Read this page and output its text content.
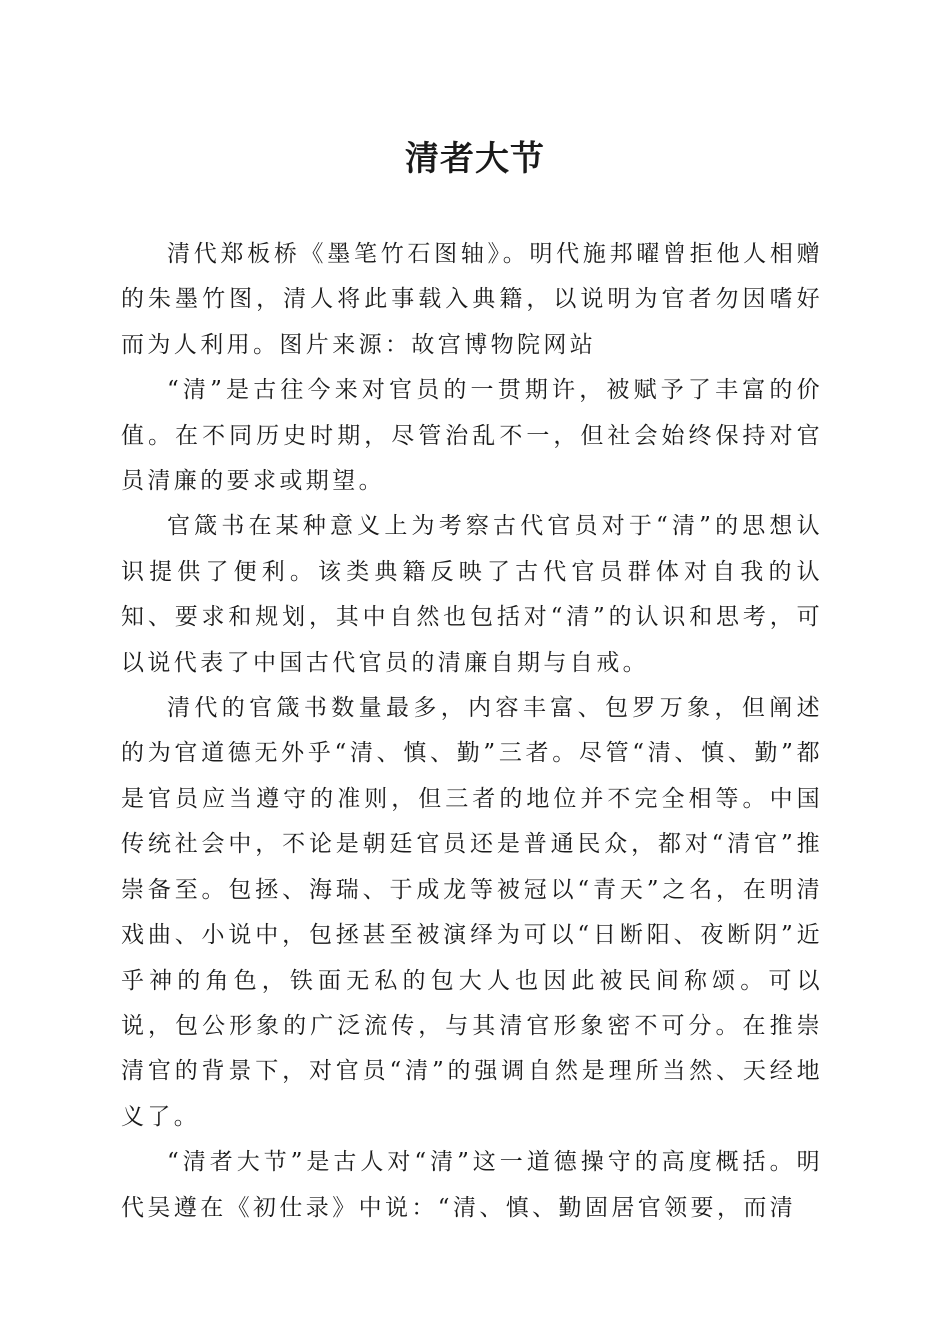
清者大节

清代郑板桥《墨笔竹石图轴》。明代施邦曜曾拒他人相赠的朱墨竹图，清人将此事载入典籍，以说明为官者勿因嗜好而为人利用。图片来源：故宫博物院网站

“清”是古往今来对官员的一贯期许，被赋予了丰富的价值。在不同历史时期，尽管治乱不一，但社会始终保持对官员清廉的要求或期望。

官箴书在某种意义上为考察古代官员对于“清”的思想认识提供了便利。该类典籍反映了古代官员群体对自我的认知、要求和规划，其中自然也包括对“清”的认识和思考，可以说代表了中国古代官员的清廉自期与自戒。

清代的官箴书数量最多，内容丰富、包罗万象，但阐述的为官道德无外乎“清、慎、勤”三者。尽管“清、慎、勤”都是官员应当遵守的准则，但三者的地位并不完全相等。中国传统社会中，不论是朝廷官员还是普通民众，都对“清官”推崇备至。包拯、海瑞、于成龙等被冠以“青天”之名，在明清戏曲、小说中，包拯甚至被演绎为可以“日断阳、夜断阴”近乎神的角色，铁面无私的包大人也因此被民间称颂。可以说，包公形象的广泛流传，与其清官形象密不可分。在推崇清官的背景下，对官员“清”的强调自然是理所当然、天经地义了。

“清者大节”是古人对“清”这一道德操守的高度概括。明代吴遵在《初仕录》中说：“清、慎、勤固居官领要，而清
